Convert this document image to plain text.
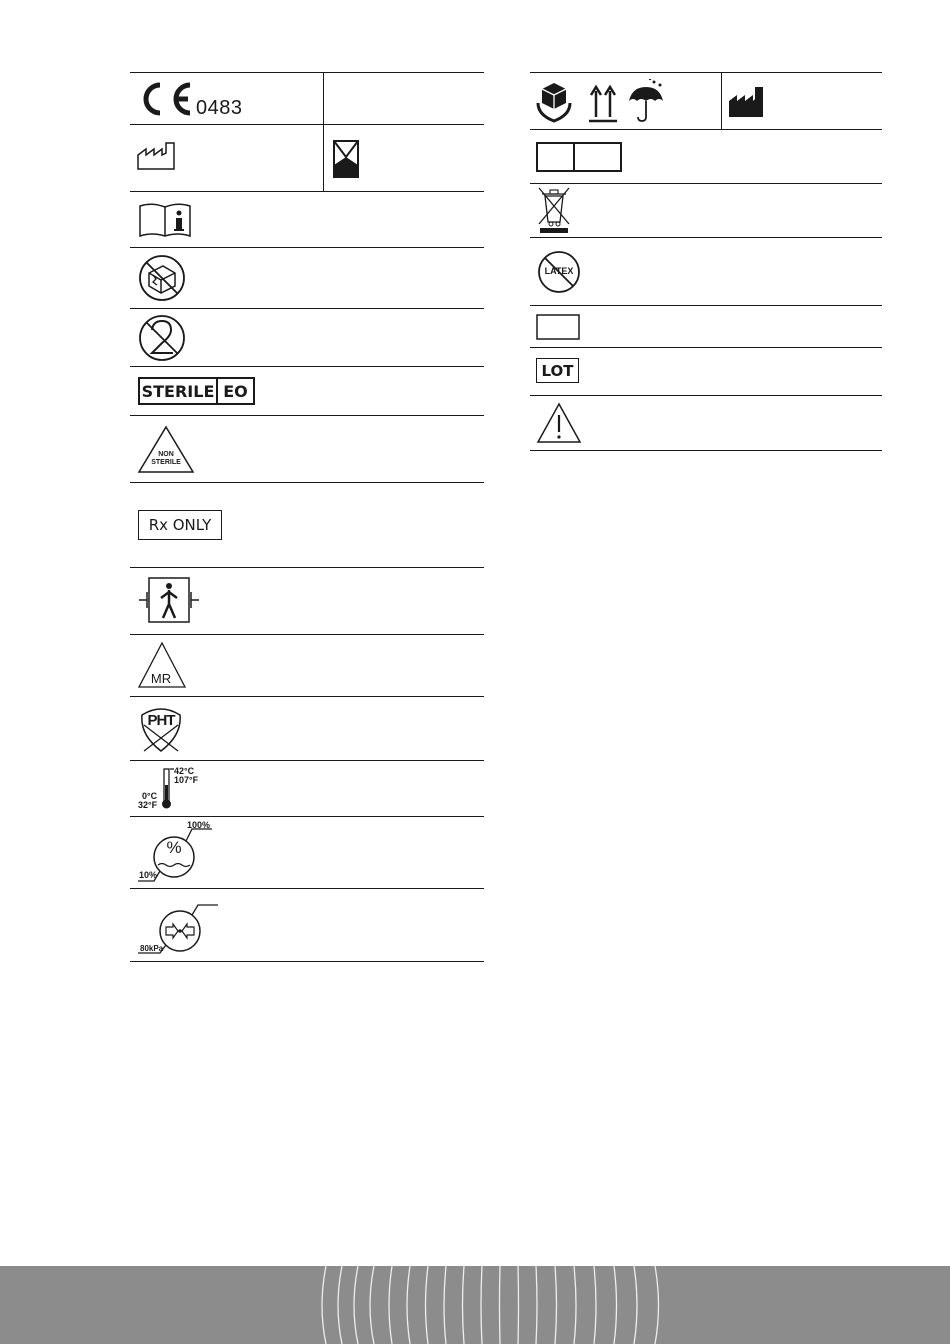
0483
STERILE EO
NON
STERILE
Rx ONLY
MR
PHT
42°C
107°F
0°C
32°F
%
100%
10%
80kPa
LATEX
LOT
